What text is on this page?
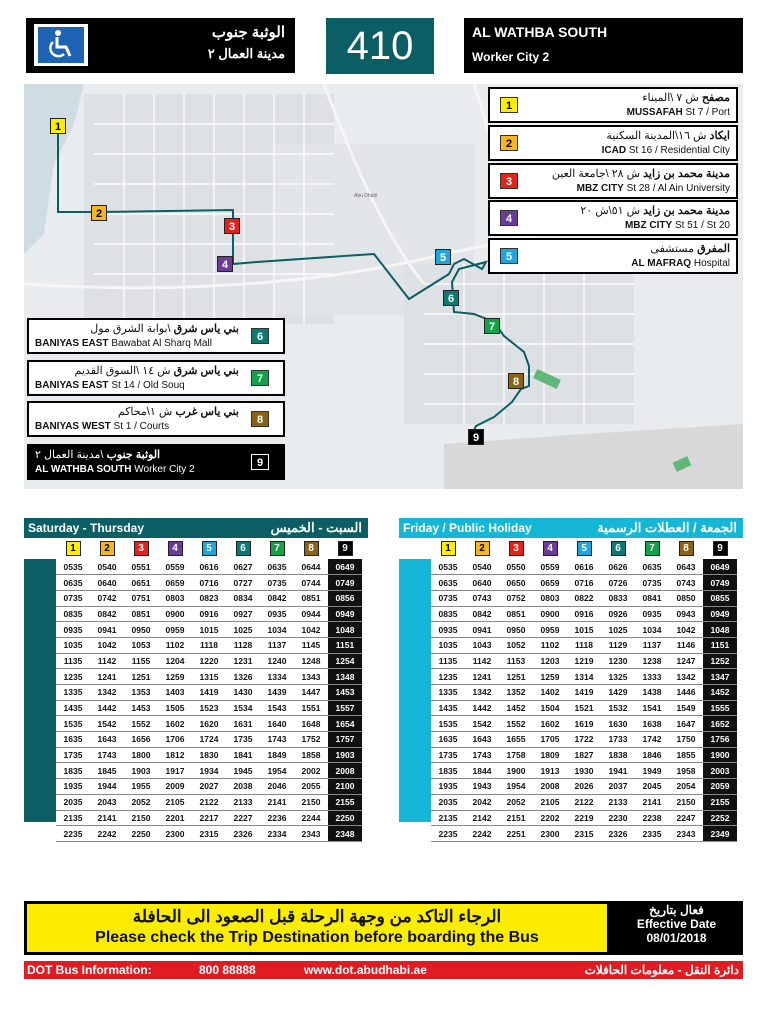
الوثبة جنوب
مدينة العمال ٢	410	AL WATHBA SOUTH
Worker City 2
Abu Dhabi
1
2
3
4
5
6
7
8
9
1
مصفح ش ٧ \الميناء
MUSSAFAH St 7 / Port
2
ايكاد ش ١٦\المدينة السكنية
ICAD St 16 / Residential City
3
مدينة محمد بن زايد ش ٢٨ \جامعة العين
MBZ CITY St 28 / Al Ain University
4
مدينة محمد بن زايد ش ٥١\ش ٢٠
MBZ CITY St 51 / St 20
5
المفرق مستشفى
AL MAFRAQ Hospital
6
بني ياس شرق \بوابة الشرق مول
BANIYAS EAST Bawabat Al Sharq Mall
7
بني ياس شرق ش ١٤ \السوق القديم
BANIYAS EAST St 14 / Old Souq
8
بني ياس غرب ش ١\محاكم
BANIYAS WEST St 1 / Courts
9
الوثبة جنوب \مدينة العمال ٢
AL WATHBA SOUTH Worker City 2
Saturday - Thursday	السبت - الخميس
1	2	3	4	5	6	7	8	9
0535	0540	0551	0559	0616	0627	0635	0644	0649
0635	0640	0651	0659	0716	0727	0735	0744	0749
0735	0742	0751	0803	0823	0834	0842	0851	0856
0835	0842	0851	0900	0916	0927	0935	0944	0949
0935	0941	0950	0959	1015	1025	1034	1042	1048
1035	1042	1053	1102	1118	1128	1137	1145	1151
1135	1142	1155	1204	1220	1231	1240	1248	1254
1235	1241	1251	1259	1315	1326	1334	1343	1348
1335	1342	1353	1403	1419	1430	1439	1447	1453
1435	1442	1453	1505	1523	1534	1543	1551	1557
1535	1542	1552	1602	1620	1631	1640	1648	1654
1635	1643	1656	1706	1724	1735	1743	1752	1757
1735	1743	1800	1812	1830	1841	1849	1858	1903
1835	1845	1903	1917	1934	1945	1954	2002	2008
1935	1944	1955	2009	2027	2038	2046	2055	2100
2035	2043	2052	2105	2122	2133	2141	2150	2155
2135	2141	2150	2201	2217	2227	2236	2244	2250
2235	2242	2250	2300	2315	2326	2334	2343	2348
Friday / Public Holiday	الجمعة / العطلات الرسمية
1	2	3	4	5	6	7	8	9
0535	0540	0550	0559	0616	0626	0635	0643	0649
0635	0640	0650	0659	0716	0726	0735	0743	0749
0735	0743	0752	0803	0822	0833	0841	0850	0855
0835	0842	0851	0900	0916	0926	0935	0943	0949
0935	0941	0950	0959	1015	1025	1034	1042	1048
1035	1043	1052	1102	1118	1129	1137	1146	1151
1135	1142	1153	1203	1219	1230	1238	1247	1252
1235	1241	1251	1259	1314	1325	1333	1342	1347
1335	1342	1352	1402	1419	1429	1438	1446	1452
1435	1442	1452	1504	1521	1532	1541	1549	1555
1535	1542	1552	1602	1619	1630	1638	1647	1652
1635	1643	1655	1705	1722	1733	1742	1750	1756
1735	1743	1758	1809	1827	1838	1846	1855	1900
1835	1844	1900	1913	1930	1941	1949	1958	2003
1935	1943	1954	2008	2026	2037	2045	2054	2059
2035	2042	2052	2105	2122	2133	2141	2150	2155
2135	2142	2151	2202	2219	2230	2238	2247	2252
2235	2242	2251	2300	2315	2326	2335	2343	2349
الرجاء التاكد من وجهة الرحلة قبل الصعود الى الحافلة
Please check the Trip Destination before boarding the Bus
فعال بتاريخ
Effective Date
08/01/2018
DOT Bus Information:	800 88888	www.dot.abudhabi.ae	دائرة النقل - معلومات الحافلات
